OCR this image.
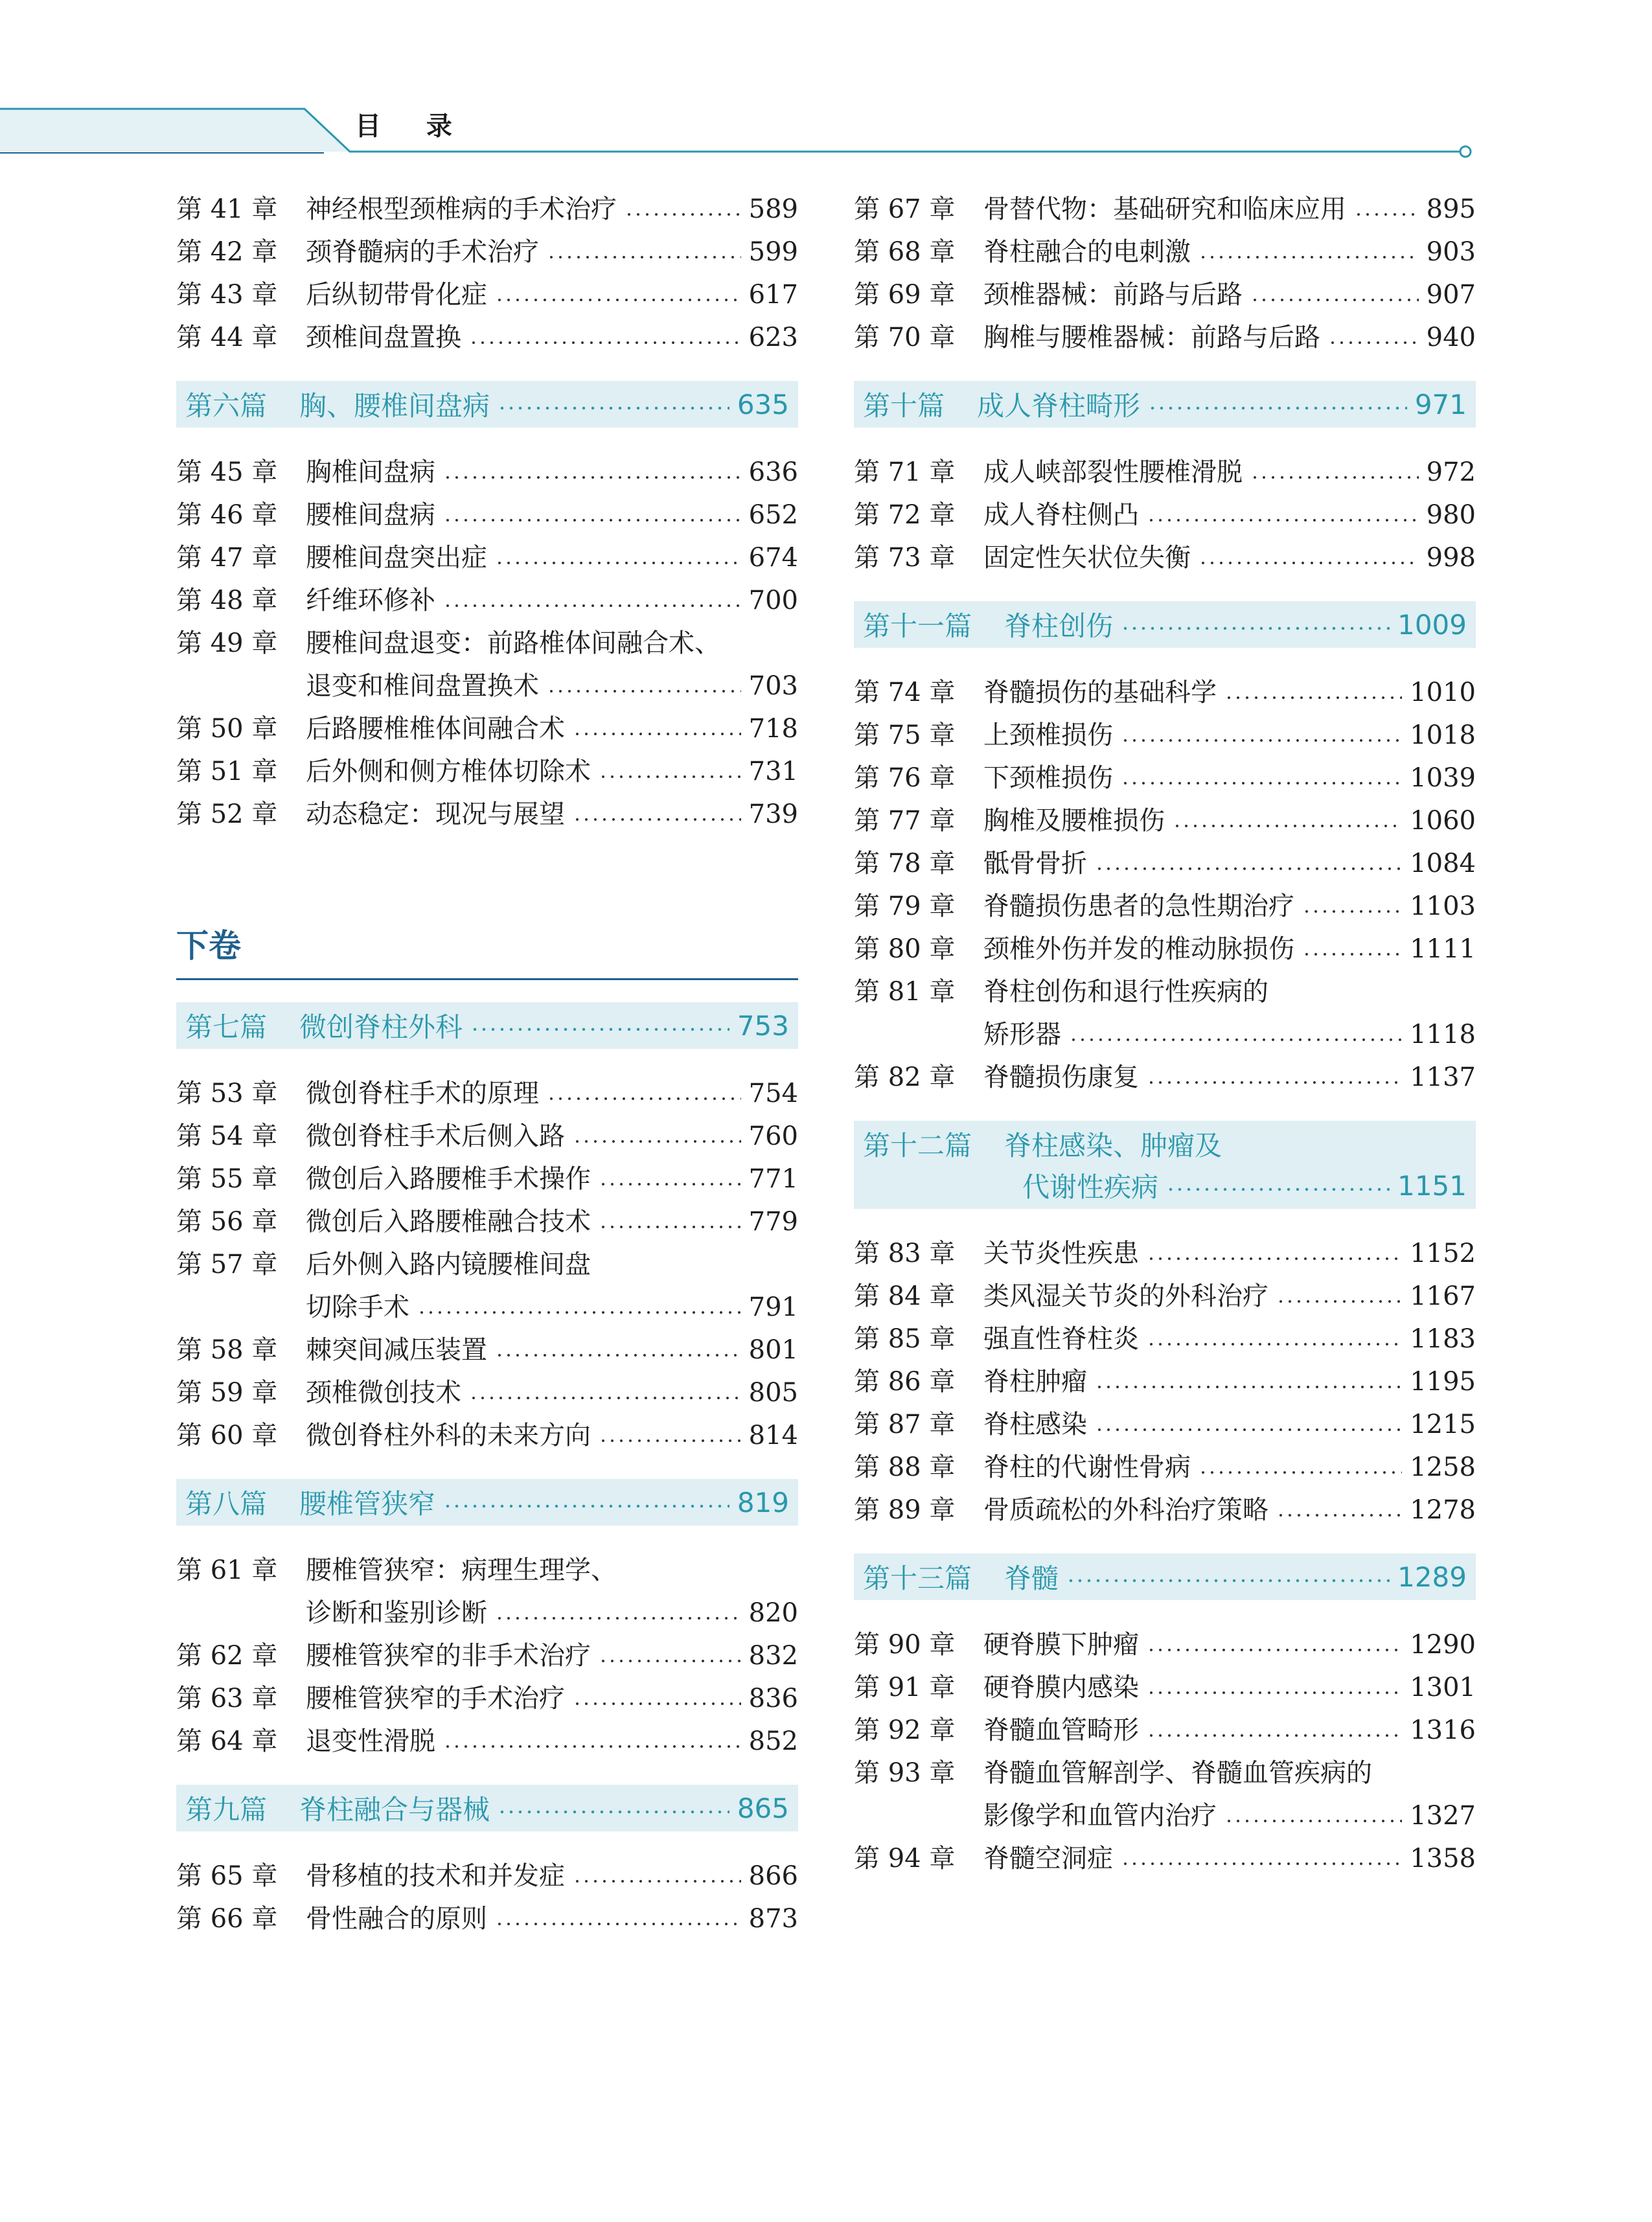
目 录
第 41 章	神经根型颈椎病的手术治疗	589
第 42 章	颈脊髓病的手术治疗	599
第 43 章	后纵韧带骨化症	617
第 44 章	颈椎间盘置换	623
第六篇 胸、腰椎间盘病	635
第 45 章	胸椎间盘病	636
第 46 章	腰椎间盘病	652
第 47 章	腰椎间盘突出症	674
第 48 章	纤维环修补	700
第 49 章	腰椎间盘退变：前路椎体间融合术、
退变和椎间盘置换术	703
第 50 章	后路腰椎椎体间融合术	718
第 51 章	后外侧和侧方椎体切除术	731
第 52 章	动态稳定：现况与展望	739
下卷
第七篇 微创脊柱外科	753
第 53 章	微创脊柱手术的原理	754
第 54 章	微创脊柱手术后侧入路	760
第 55 章	微创后入路腰椎手术操作	771
第 56 章	微创后入路腰椎融合技术	779
第 57 章	后外侧入路内镜腰椎间盘
切除手术	791
第 58 章	棘突间减压装置	801
第 59 章	颈椎微创技术	805
第 60 章	微创脊柱外科的未来方向	814
第八篇 腰椎管狭窄	819
第 61 章	腰椎管狭窄：病理生理学、
诊断和鉴别诊断	820
第 62 章	腰椎管狭窄的非手术治疗	832
第 63 章	腰椎管狭窄的手术治疗	836
第 64 章	退变性滑脱	852
第九篇 脊柱融合与器械	865
第 65 章	骨移植的技术和并发症	866
第 66 章	骨性融合的原则	873
第 67 章	骨替代物：基础研究和临床应用	895
第 68 章	脊柱融合的电刺激	903
第 69 章	颈椎器械：前路与后路	907
第 70 章	胸椎与腰椎器械：前路与后路	940
第十篇 成人脊柱畸形	971
第 71 章	成人峡部裂性腰椎滑脱	972
第 72 章	成人脊柱侧凸	980
第 73 章	固定性矢状位失衡	998
第十一篇 脊柱创伤	1009
第 74 章	脊髓损伤的基础科学	1010
第 75 章	上颈椎损伤	1018
第 76 章	下颈椎损伤	1039
第 77 章	胸椎及腰椎损伤	1060
第 78 章	骶骨骨折	1084
第 79 章	脊髓损伤患者的急性期治疗	1103
第 80 章	颈椎外伤并发的椎动脉损伤	1111
第 81 章	脊柱创伤和退行性疾病的
矫形器	1118
第 82 章	脊髓损伤康复	1137
第十二篇 脊柱感染、肿瘤及
代谢性疾病	1151
第 83 章	关节炎性疾患	1152
第 84 章	类风湿关节炎的外科治疗	1167
第 85 章	强直性脊柱炎	1183
第 86 章	脊柱肿瘤	1195
第 87 章	脊柱感染	1215
第 88 章	脊柱的代谢性骨病	1258
第 89 章	骨质疏松的外科治疗策略	1278
第十三篇 脊髓	1289
第 90 章	硬脊膜下肿瘤	1290
第 91 章	硬脊膜内感染	1301
第 92 章	脊髓血管畸形	1316
第 93 章	脊髓血管解剖学、脊髓血管疾病的
影像学和血管内治疗	1327
第 94 章	脊髓空洞症	1358
